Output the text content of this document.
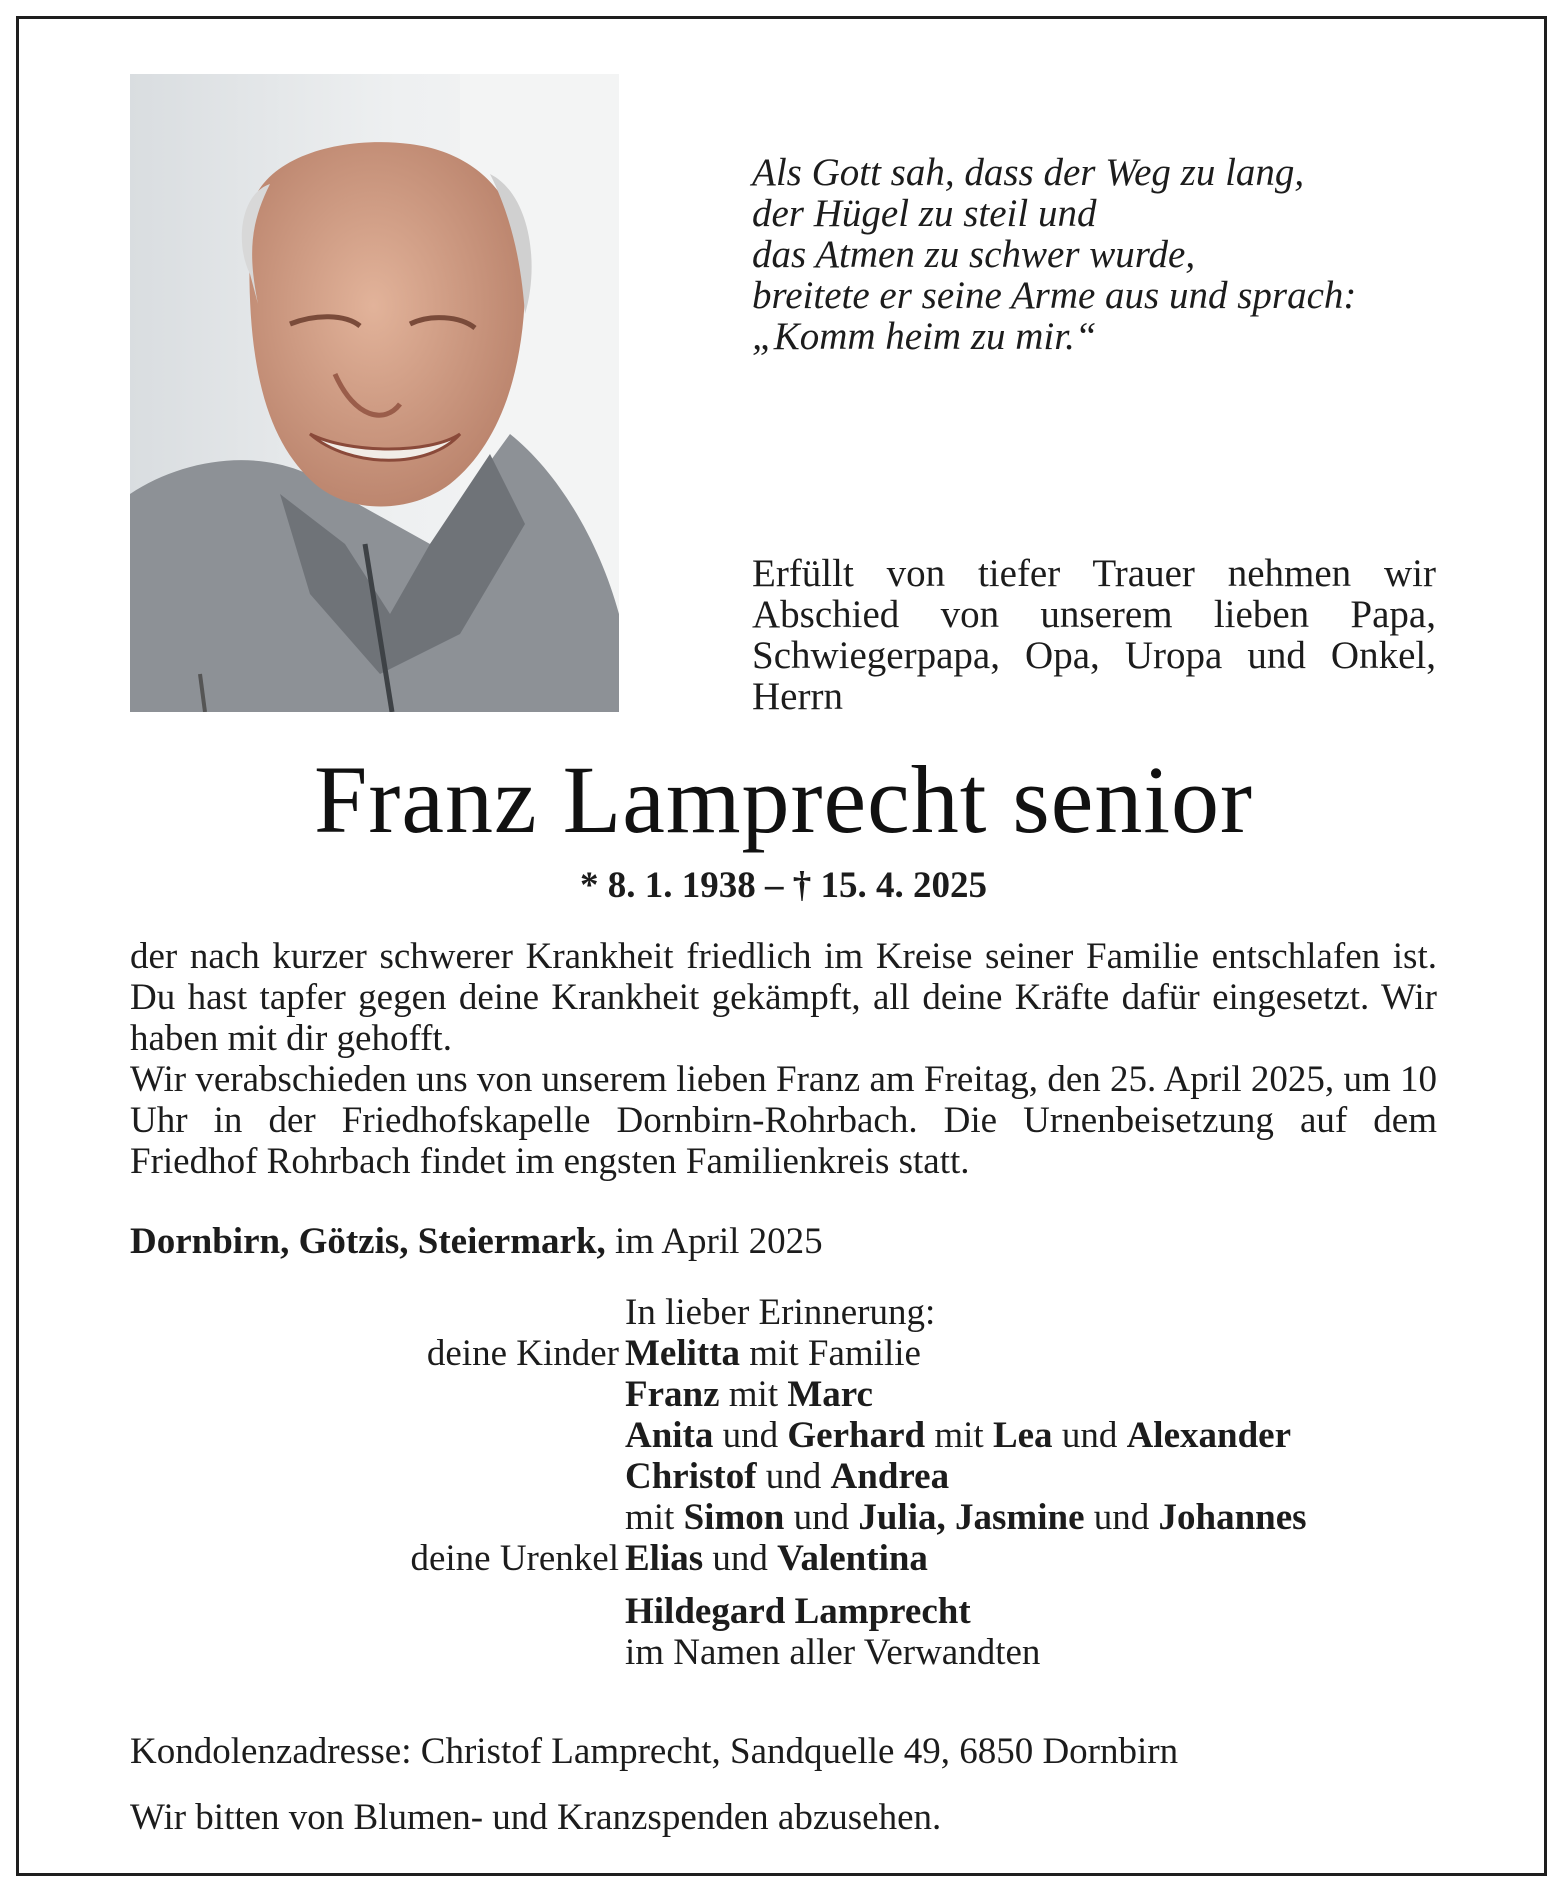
Als Gott sah, dass der Weg zu lang,
der Hügel zu steil und
das Atmen zu schwer wurde,
breitete er seine Arme aus und sprach:
„Komm heim zu mir.“
Erfüllt von tiefer Trauer nehmen wir Abschied von unserem lieben Papa, Schwiegerpapa, Opa, Uropa und Onkel, Herrn
Franz Lamprecht senior
* 8. 1. 1938 – † 15. 4. 2025

der nach kurzer schwerer Krankheit friedlich im Kreise seiner Familie entschlafen ist. Du hast tapfer gegen deine Krankheit gekämpft, all deine Kräfte dafür eingesetzt. Wir haben mit dir gehofft.

Wir verabschieden uns von unserem lieben Franz am Freitag, den 25. April 2025, um 10 Uhr in der Friedhofskapelle Dornbirn-Rohrbach. Die Urnenbeisetzung auf dem Friedhof Rohrbach findet im engsten Familienkreis statt.

Dornbirn, Götzis, Steiermark, im April 2025
In lieber Erinnerung:
deine Kinder Melitta mit Familie
Franz mit Marc
Anita und Gerhard mit Lea und Alexander
Christof und Andrea
mit Simon und Julia, Jasmine und Johannes
deine Urenkel Elias und Valentina
Hildegard Lamprecht
im Namen aller Verwandten
Kondolenzadresse: Christof Lamprecht, Sandquelle 49, 6850 Dornbirn
Wir bitten von Blumen- und Kranzspenden abzusehen.
